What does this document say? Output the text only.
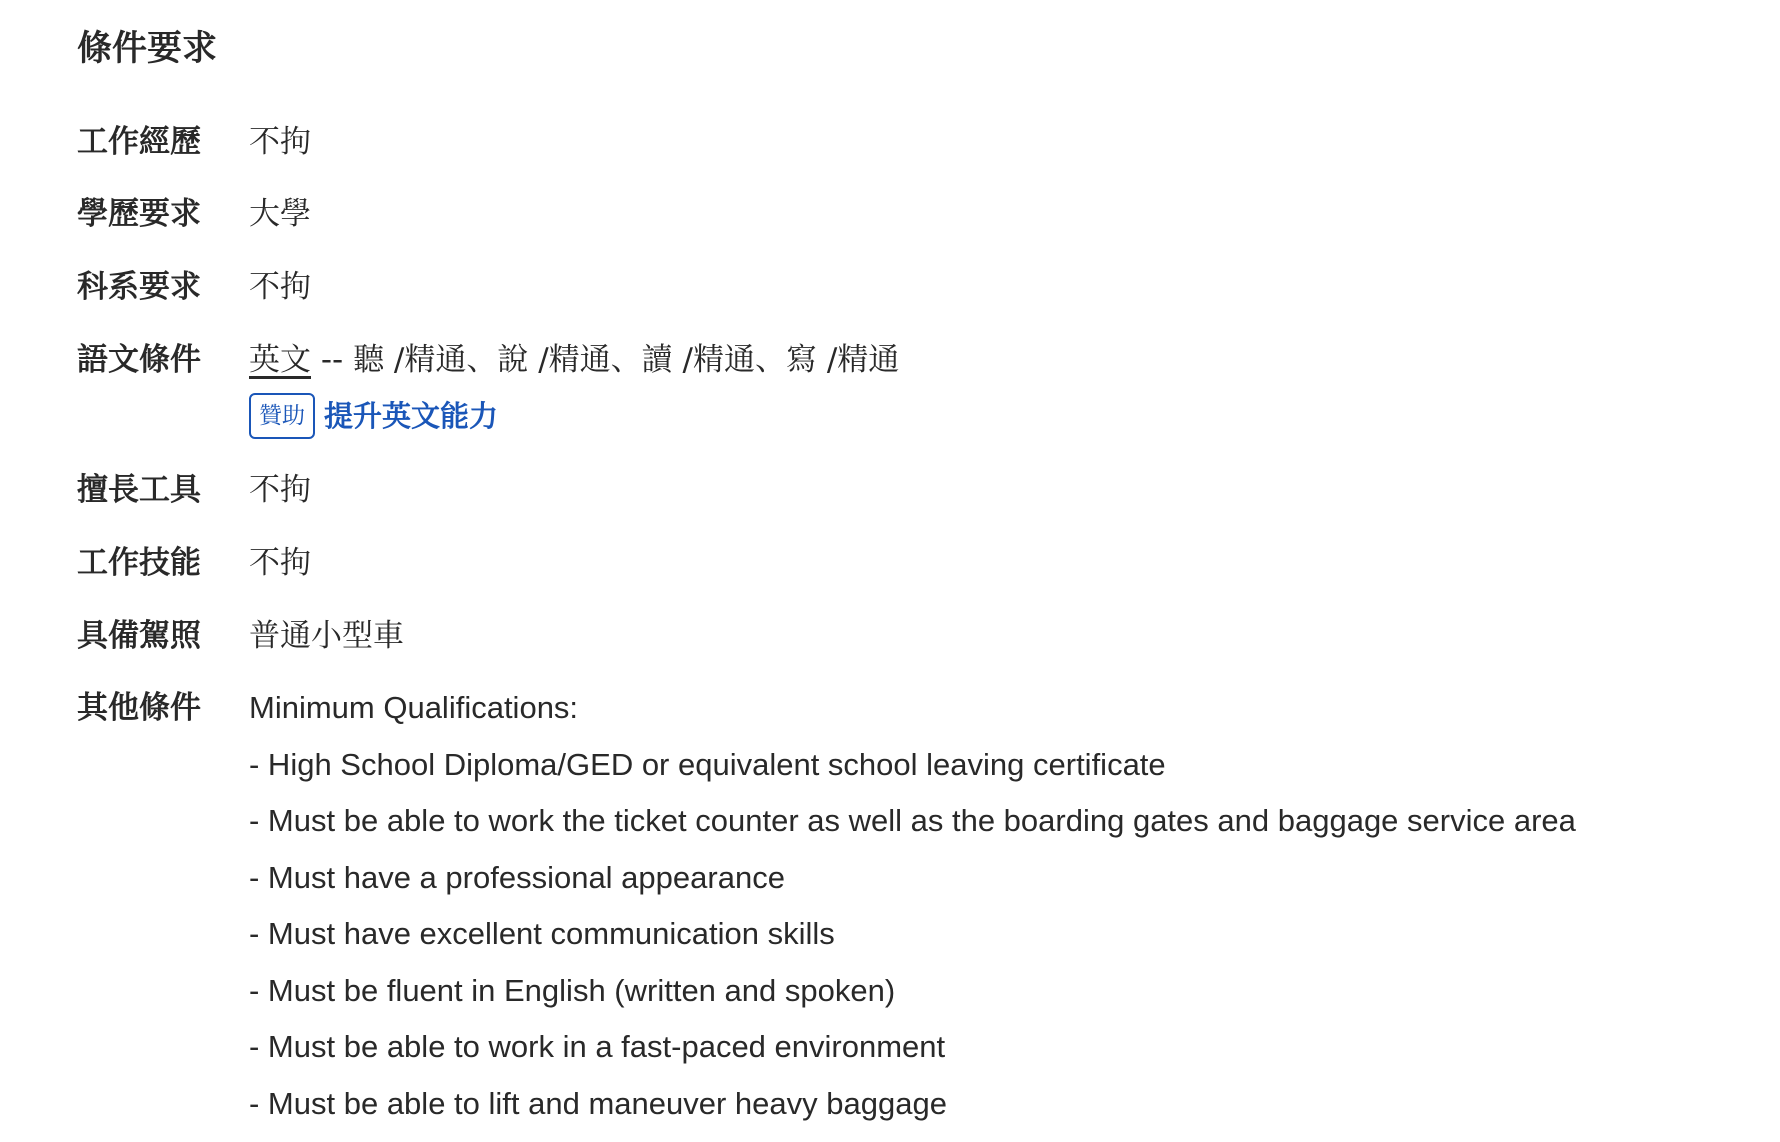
條件要求
工作經歷	不拘
學歷要求	大學
科系要求	不拘
語文條件	英文 -- 聽 /精通、說 /精通、讀 /精通、寫 /精通
贊助 提升英文能力
擅長工具	不拘
工作技能	不拘
具備駕照	普通小型車
其他條件	Minimum Qualifications:
- High School Diploma/GED or equivalent school leaving certificate
- Must be able to work the ticket counter as well as the boarding gates and baggage service area
- Must have a professional appearance
- Must have excellent communication skills
- Must be fluent in English (written and spoken)
- Must be able to work in a fast-paced environment
- Must be able to lift and maneuver heavy baggage
